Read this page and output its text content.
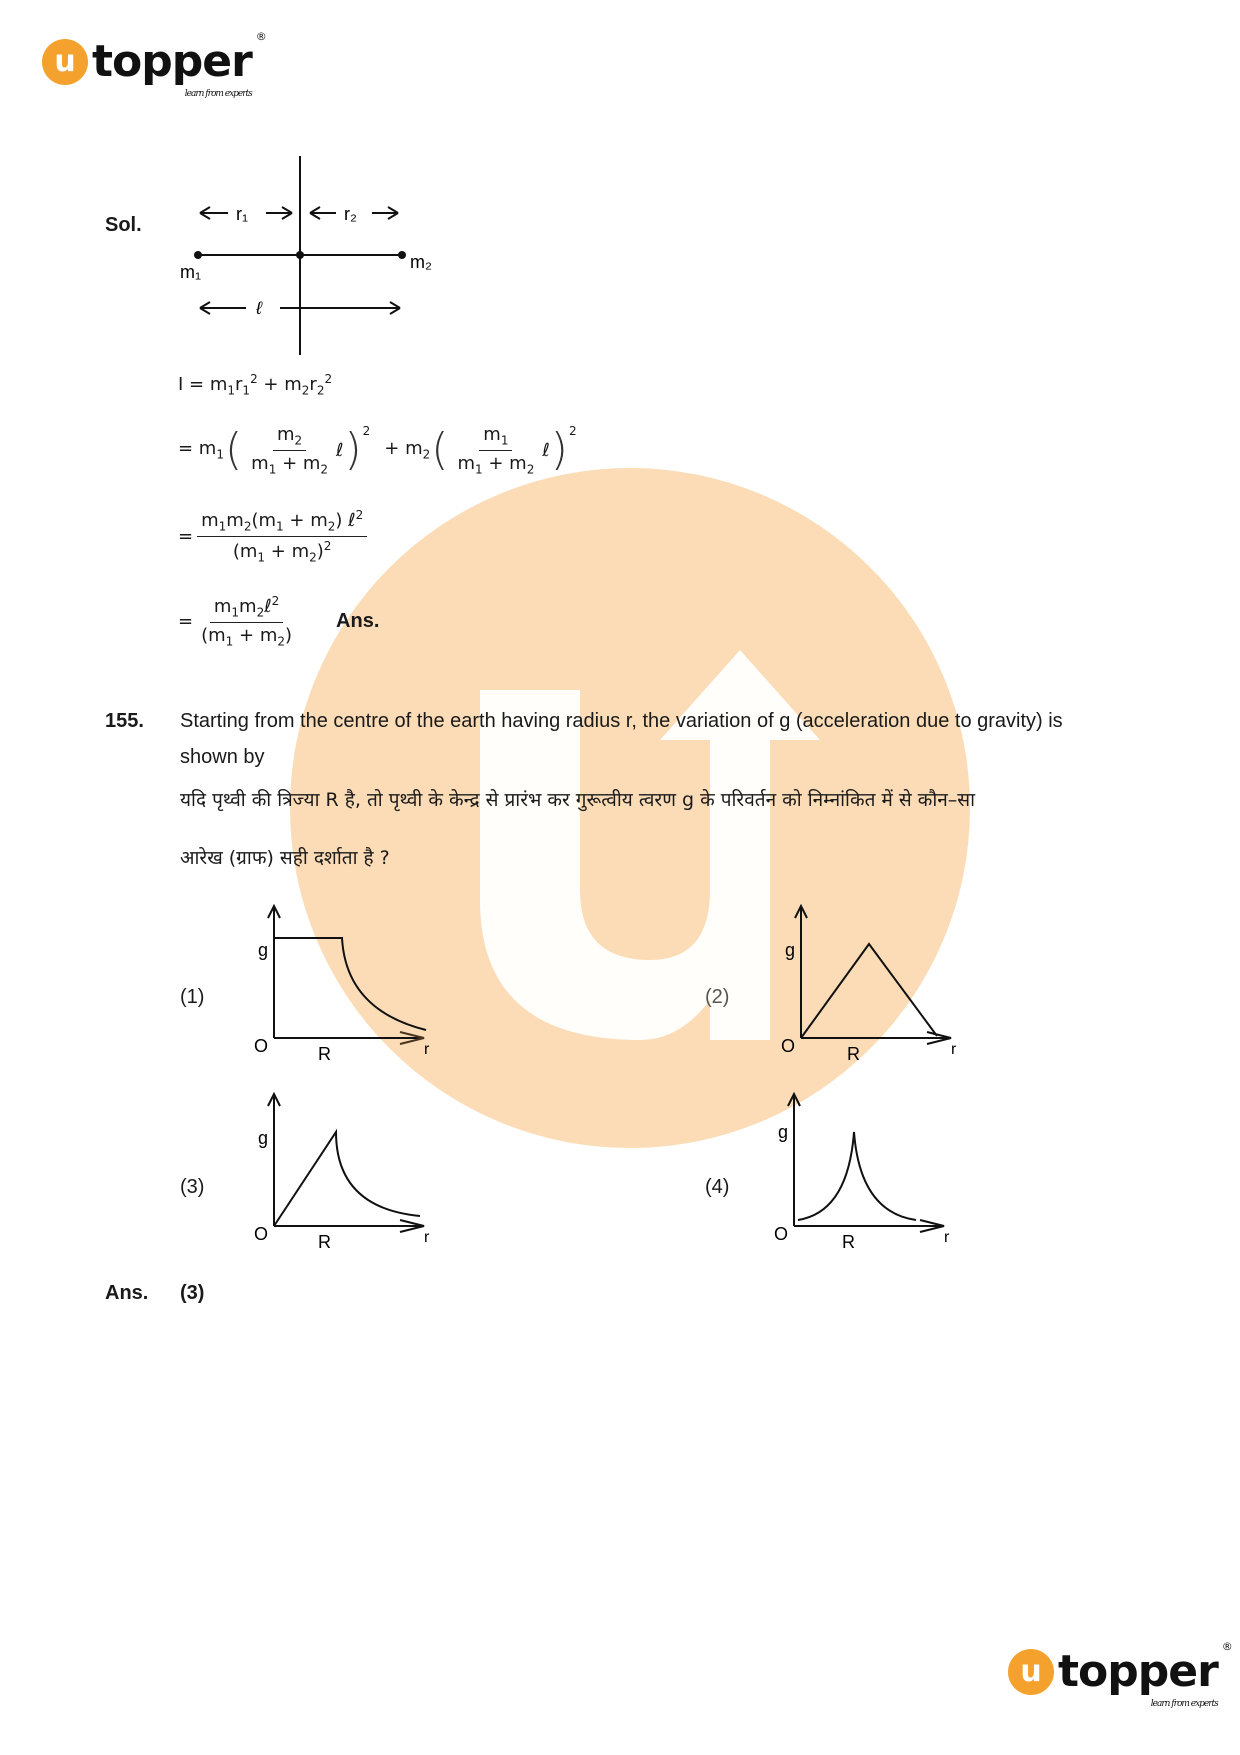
u topper ®
learn from experts
Sol.	r₁	r₂
m₁	m₂
ℓ
$I = m_1r_1^2 + m_2r_2^2$
= $m_1$ ( $\frac{m_2}{m_1 + m_2}$ ℓ )$^2$
+ $m_2$ ( $\frac{m_1}{m_1 + m_2}$ ℓ )$^2$
= $\frac{m_1m_2(m_1 + m_2) \ell^2}{(m_1 + m_2)^2}$
= $\frac{m_1m_2\ell^2}{(m_1 + m_2)}$ Ans.
155. Starting from the centre of the earth having radius r, the variation of g (acceleration due to gravity) is
shown by
यदि पृथ्वी की त्रिज्या R है, तो पृथ्वी के केन्द्र से प्रारंभ कर गुरूत्वीय त्वरण g के परिवर्तन को निम्नांकित में से कौन–सा
आरेख (ग्राफ) सही दर्शाता है ?
(1)	(2)
(3)	(4)
g
O	R	r
g
O	R	r
g
O	R	r
g
O	R	r
Ans. (3)
u topper ®
learn from experts
